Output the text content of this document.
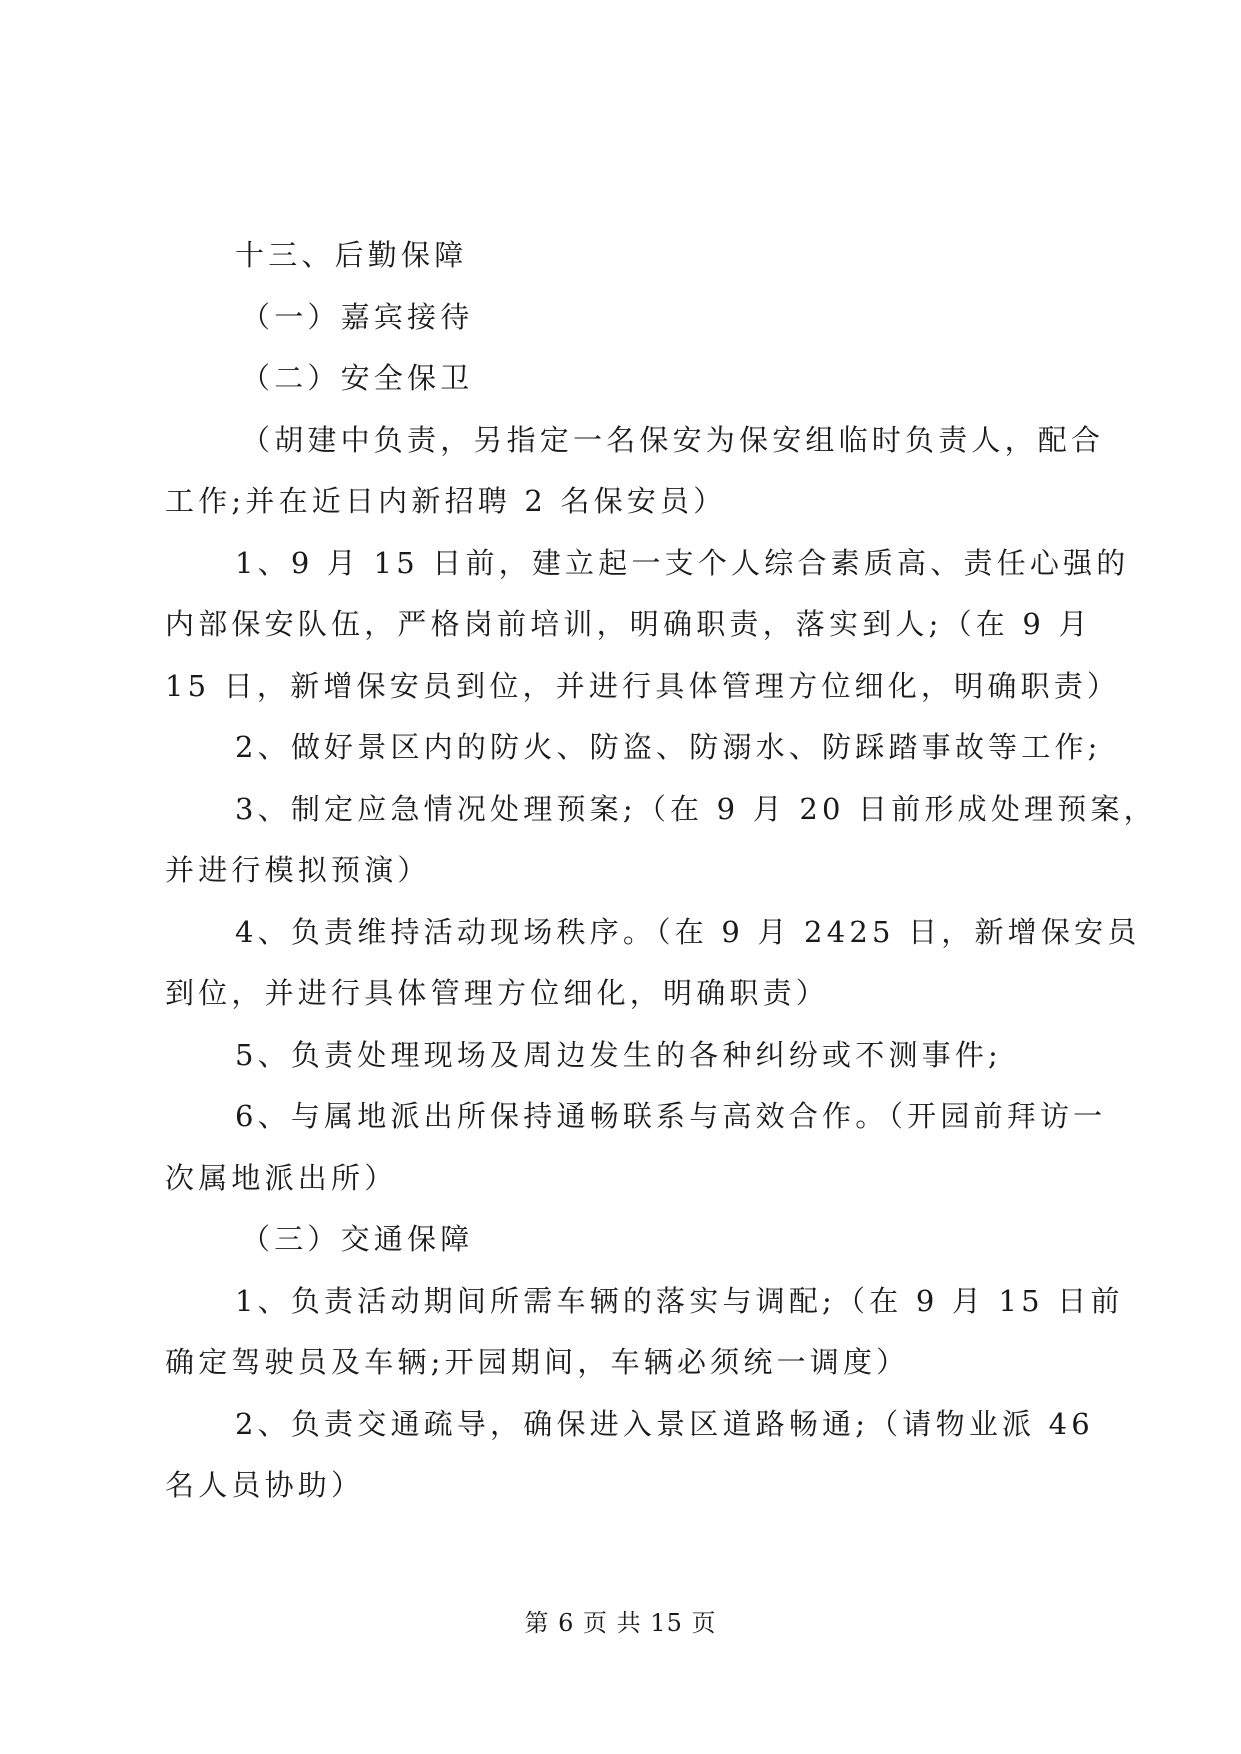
十三、后勤保障

（一）嘉宾接待

（二）安全保卫

（胡建中负责，另指定一名保安为保安组临时负责人，配合
工作;并在近日内新招聘 2 名保安员）

1、9 月 15 日前，建立起一支个人综合素质高、责任心强的
内部保安队伍，严格岗前培训，明确职责，落实到人;（在 9 月
15 日，新增保安员到位，并进行具体管理方位细化，明确职责）

2、做好景区内的防火、防盗、防溺水、防踩踏事故等工作;

3、制定应急情况处理预案;（在 9 月 20 日前形成处理预案，
并进行模拟预演）

4、负责维持活动现场秩序。（在 9 月 2425 日，新增保安员
到位，并进行具体管理方位细化，明确职责）

5、负责处理现场及周边发生的各种纠纷或不测事件;

6、与属地派出所保持通畅联系与高效合作。（开园前拜访一
次属地派出所）

（三）交通保障

1、负责活动期间所需车辆的落实与调配;（在 9 月 15 日前
确定驾驶员及车辆;开园期间，车辆必须统一调度）

2、负责交通疏导，确保进入景区道路畅通;（请物业派 46
名人员协助）

第 6 页 共 15 页
